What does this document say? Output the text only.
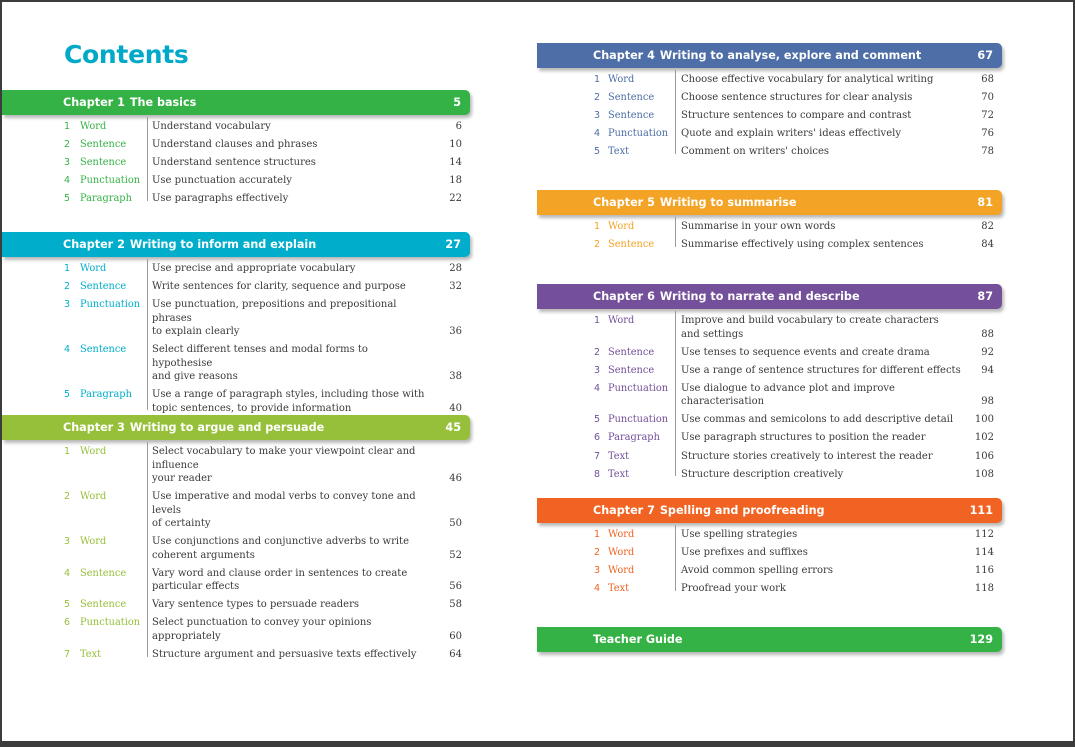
Contents
Chapter 1 The basics	5
1 Word	Understand vocabulary	6
2 Sentence	Understand clauses and phrases	10
3 Sentence	Understand sentence structures	14
4 Punctuation Use punctuation accurately	18
5 Paragraph Use paragraphs effectively	22
Chapter 2 Writing to inform and explain	27
1 Word	Use precise and appropriate vocabulary	28
2 Sentence	Write sentences for clarity, sequence and purpose	32
3 Punctuation Use punctuation, prepositions and prepositional phrases
to explain clearly	36
4 Sentence	Select different tenses and modal forms to hypothesise
and give reasons	38
5 Paragraph Use a range of paragraph styles, including those with
topic sentences, to provide information	40
Chapter 3 Writing to argue and persuade	45
1 Word	Select vocabulary to make your viewpoint clear and influence
your reader	46
2 Word	Use imperative and modal verbs to convey tone and levels
of certainty	50
3 Word	Use conjunctions and conjunctive adverbs to write
coherent arguments	52
4 Sentence	Vary word and clause order in sentences to create
particular effects	56
5 Sentence	Vary sentence types to persuade readers	58
6 Punctuation Select punctuation to convey your opinions appropriately	60
7 Text	Structure argument and persuasive texts effectively	64
Chapter 4 Writing to analyse, explore and comment	67
1 Word	Choose effective vocabulary for analytical writing	68
2 Sentence	Choose sentence structures for clear analysis	70
3 Sentence	Structure sentences to compare and contrast	72
4 Punctuation Quote and explain writers' ideas effectively	76
5 Text	Comment on writers' choices	78
Chapter 5 Writing to summarise	81
1 Word	Summarise in your own words	82
2 Sentence	Summarise effectively using complex sentences	84
Chapter 6 Writing to narrate and describe	87
1 Word	Improve and build vocabulary to create characters
and settings	88
2 Sentence	Use tenses to sequence events and create drama	92
3 Sentence	Use a range of sentence structures for different effects 94
4 Punctuation Use dialogue to advance plot and improve characterisation	98
5 Punctuation Use commas and semicolons to add descriptive detail	100
6 Paragraph Use paragraph structures to position the reader	102
7 Text	Structure stories creatively to interest the reader	106
8 Text	Structure description creatively	108
Chapter 7 Spelling and proofreading	111
1 Word	Use spelling strategies	112
2 Word	Use prefixes and suffixes	114
3 Word	Avoid common spelling errors	116
4 Text	Proofread your work	118
Teacher Guide	129
